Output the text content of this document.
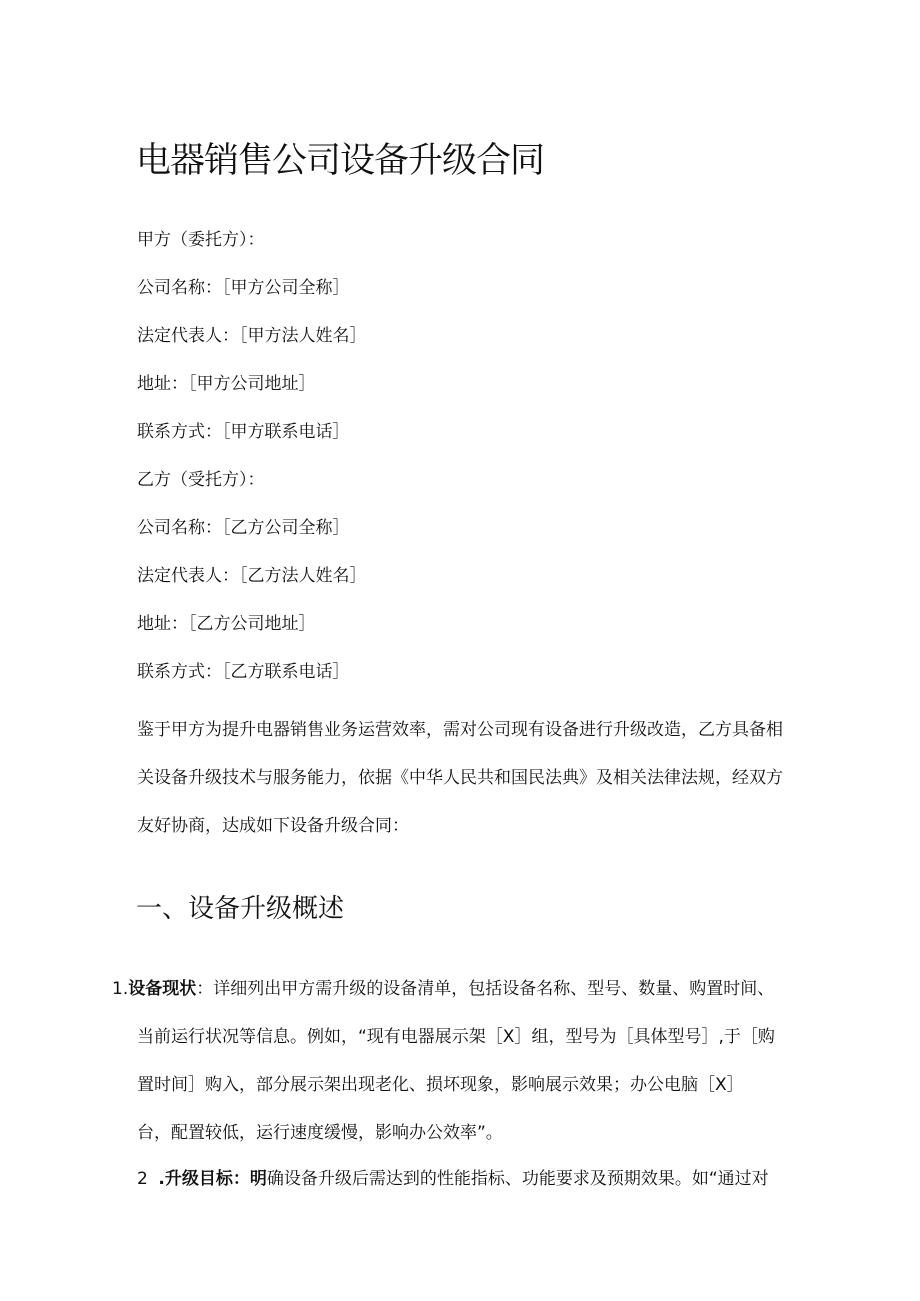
电器销售公司设备升级合同

甲方（委托方）：

公司名称：［甲方公司全称］

法定代表人：［甲方法人姓名］

地址：［甲方公司地址］

联系方式：［甲方联系电话］

乙方（受托方）：

公司名称：［乙方公司全称］

法定代表人：［乙方法人姓名］

地址：［乙方公司地址］

联系方式：［乙方联系电话］

鉴于甲方为提升电器销售业务运营效率，需对公司现有设备进行升级改造，乙方具备相关设备升级技术与服务能力，依据《中华人民共和国民法典》及相关法律法规，经双方友好协商，达成如下设备升级合同：

一、设备升级概述

1.设备现状：详细列出甲方需升级的设备清单，包括设备名称、型号、数量、购置时间、当前运行状况等信息。例如，“现有电器展示架［X］组，型号为［具体型号］,于［购置时间］购入，部分展示架出现老化、损坏现象，影响展示效果；办公电脑［X］台，配置较低，运行速度缓慢，影响办公效率”。

2 .升级目标：明确设备升级后需达到的性能指标、功能要求及预期效果。如“通过对
